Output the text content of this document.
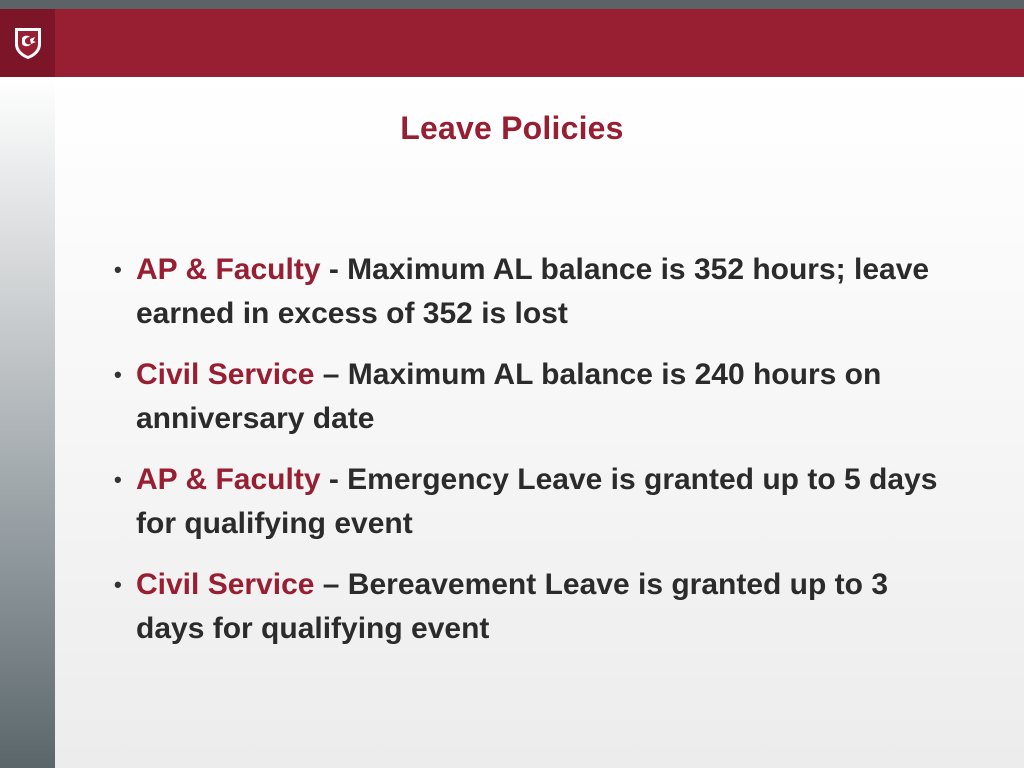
Leave Policies
• AP & Faculty - Maximum AL balance is 352 hours; leave earned in excess of 352 is lost
• Civil Service – Maximum AL balance is 240 hours on anniversary date
• AP & Faculty - Emergency Leave is granted up to 5 days for qualifying event
• Civil Service – Bereavement Leave is granted up to 3 days for qualifying event
